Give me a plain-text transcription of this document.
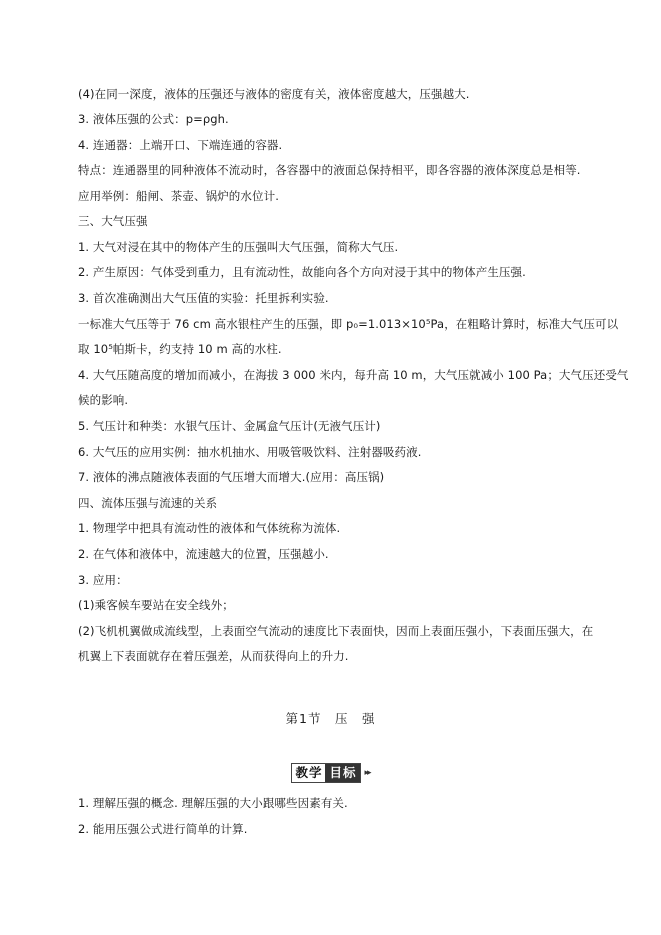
(4)在同一深度，液体的压强还与液体的密度有关，液体密度越大，压强越大.
3. 液体压强的公式：p=ρgh.
4. 连通器：上端开口、下端连通的容器.
特点：连通器里的同种液体不流动时，各容器中的液面总保持相平，即各容器的液体深度总是相等.
应用举例：船闸、茶壶、锅炉的水位计.
三、大气压强
1. 大气对浸在其中的物体产生的压强叫大气压强，简称大气压.
2. 产生原因：气体受到重力，且有流动性，故能向各个方向对浸于其中的物体产生压强.
3. 首次准确测出大气压值的实验：托里拆利实验.
一标准大气压等于 76 cm 高水银柱产生的压强，即 p₀=1.013×10⁵Pa，在粗略计算时，标准大气压可以
取 10⁵帕斯卡，约支持 10 m 高的水柱.
4. 大气压随高度的增加而减小，在海拔 3 000 米内，每升高 10 m，大气压就减小 100 Pa；大气压还受气
候的影响.
5. 气压计和种类：水银气压计、金属盒气压计(无液气压计)
6. 大气压的应用实例：抽水机抽水、用吸管吸饮料、注射器吸药液.
7. 液体的沸点随液体表面的气压增大而增大.(应用：高压锅)
四、流体压强与流速的关系
1. 物理学中把具有流动性的液体和气体统称为流体.
2. 在气体和液体中，流速越大的位置，压强越小.
3. 应用：
(1)乘客候车要站在安全线外；
(2)飞机机翼做成流线型，上表面空气流动的速度比下表面快，因而上表面压强小，下表面压强大，在
机翼上下表面就存在着压强差，从而获得向上的升力.
第1节　压　强
教学 目标 ▸▸
1. 理解压强的概念. 理解压强的大小跟哪些因素有关.
2. 能用压强公式进行简单的计算.
